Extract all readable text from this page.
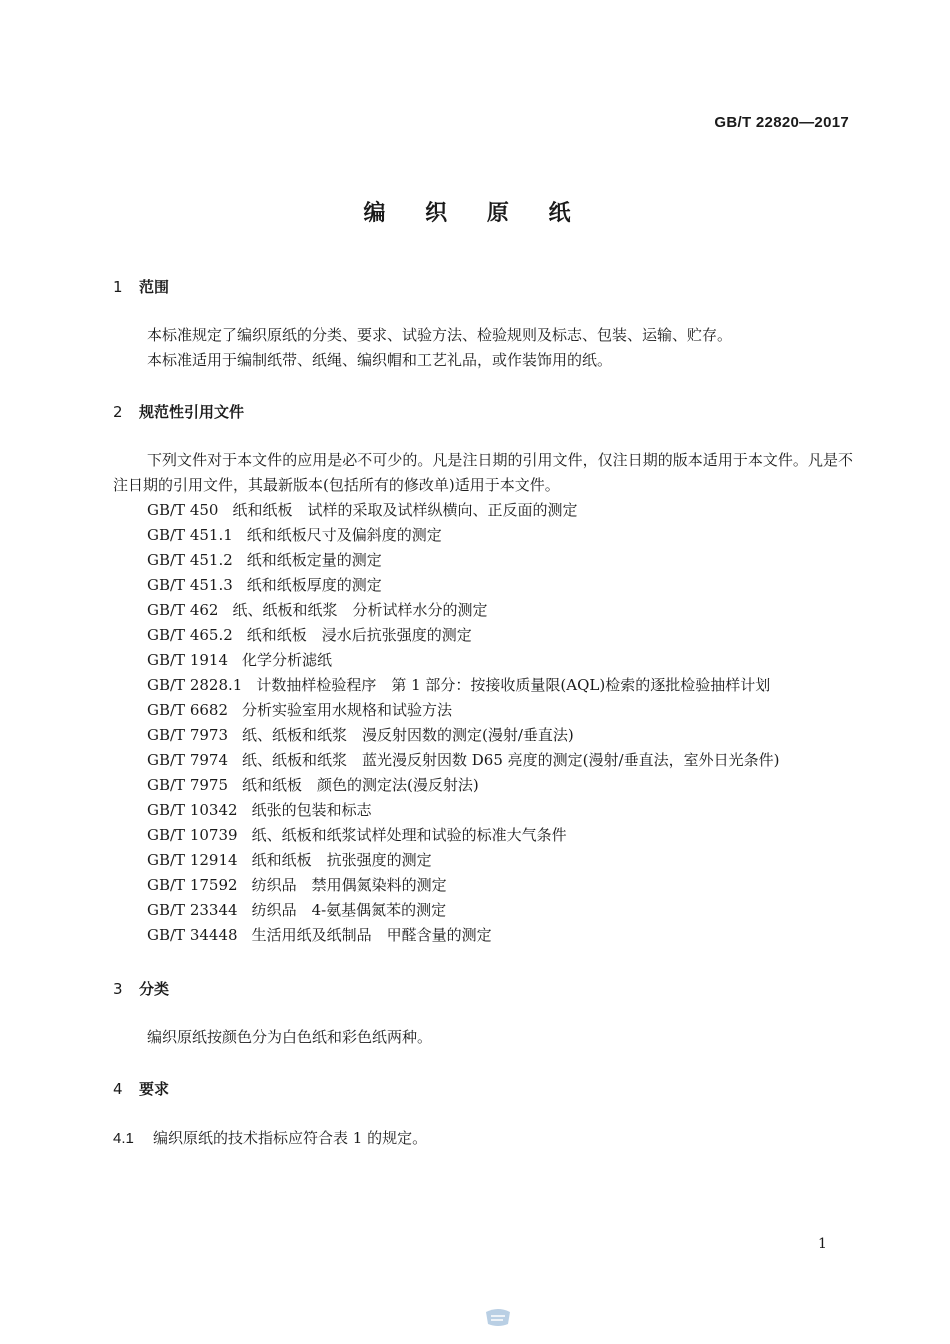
GB/T 22820—2017
编 织 原 纸
1 范围
本标准规定了编织原纸的分类、要求、试验方法、检验规则及标志、包装、运输、贮存。
本标准适用于编制纸带、纸绳、编织帽和工艺礼品，或作装饰用的纸。
2 规范性引用文件
下列文件对于本文件的应用是必不可少的。凡是注日期的引用文件，仅注日期的版本适用于本文件。凡是不注日期的引用文件，其最新版本(包括所有的修改单)适用于本文件。
GB/T 450 纸和纸板　试样的采取及试样纵横向、正反面的测定
GB/T 451.1 纸和纸板尺寸及偏斜度的测定
GB/T 451.2 纸和纸板定量的测定
GB/T 451.3 纸和纸板厚度的测定
GB/T 462 纸、纸板和纸浆　分析试样水分的测定
GB/T 465.2 纸和纸板　浸水后抗张强度的测定
GB/T 1914 化学分析滤纸
GB/T 2828.1 计数抽样检验程序　第 1 部分：按接收质量限(AQL)检索的逐批检验抽样计划
GB/T 6682 分析实验室用水规格和试验方法
GB/T 7973 纸、纸板和纸浆　漫反射因数的测定(漫射/垂直法)
GB/T 7974 纸、纸板和纸浆　蓝光漫反射因数 D65 亮度的测定(漫射/垂直法，室外日光条件)
GB/T 7975 纸和纸板　颜色的测定法(漫反射法)
GB/T 10342 纸张的包装和标志
GB/T 10739 纸、纸板和纸浆试样处理和试验的标准大气条件
GB/T 12914 纸和纸板　抗张强度的测定
GB/T 17592 纺织品　禁用偶氮染料的测定
GB/T 23344 纺织品　4-氨基偶氮苯的测定
GB/T 34448 生活用纸及纸制品　甲醛含量的测定
3 分类
编织原纸按颜色分为白色纸和彩色纸两种。
4 要求
4.1 编织原纸的技术指标应符合表 1 的规定。
1
